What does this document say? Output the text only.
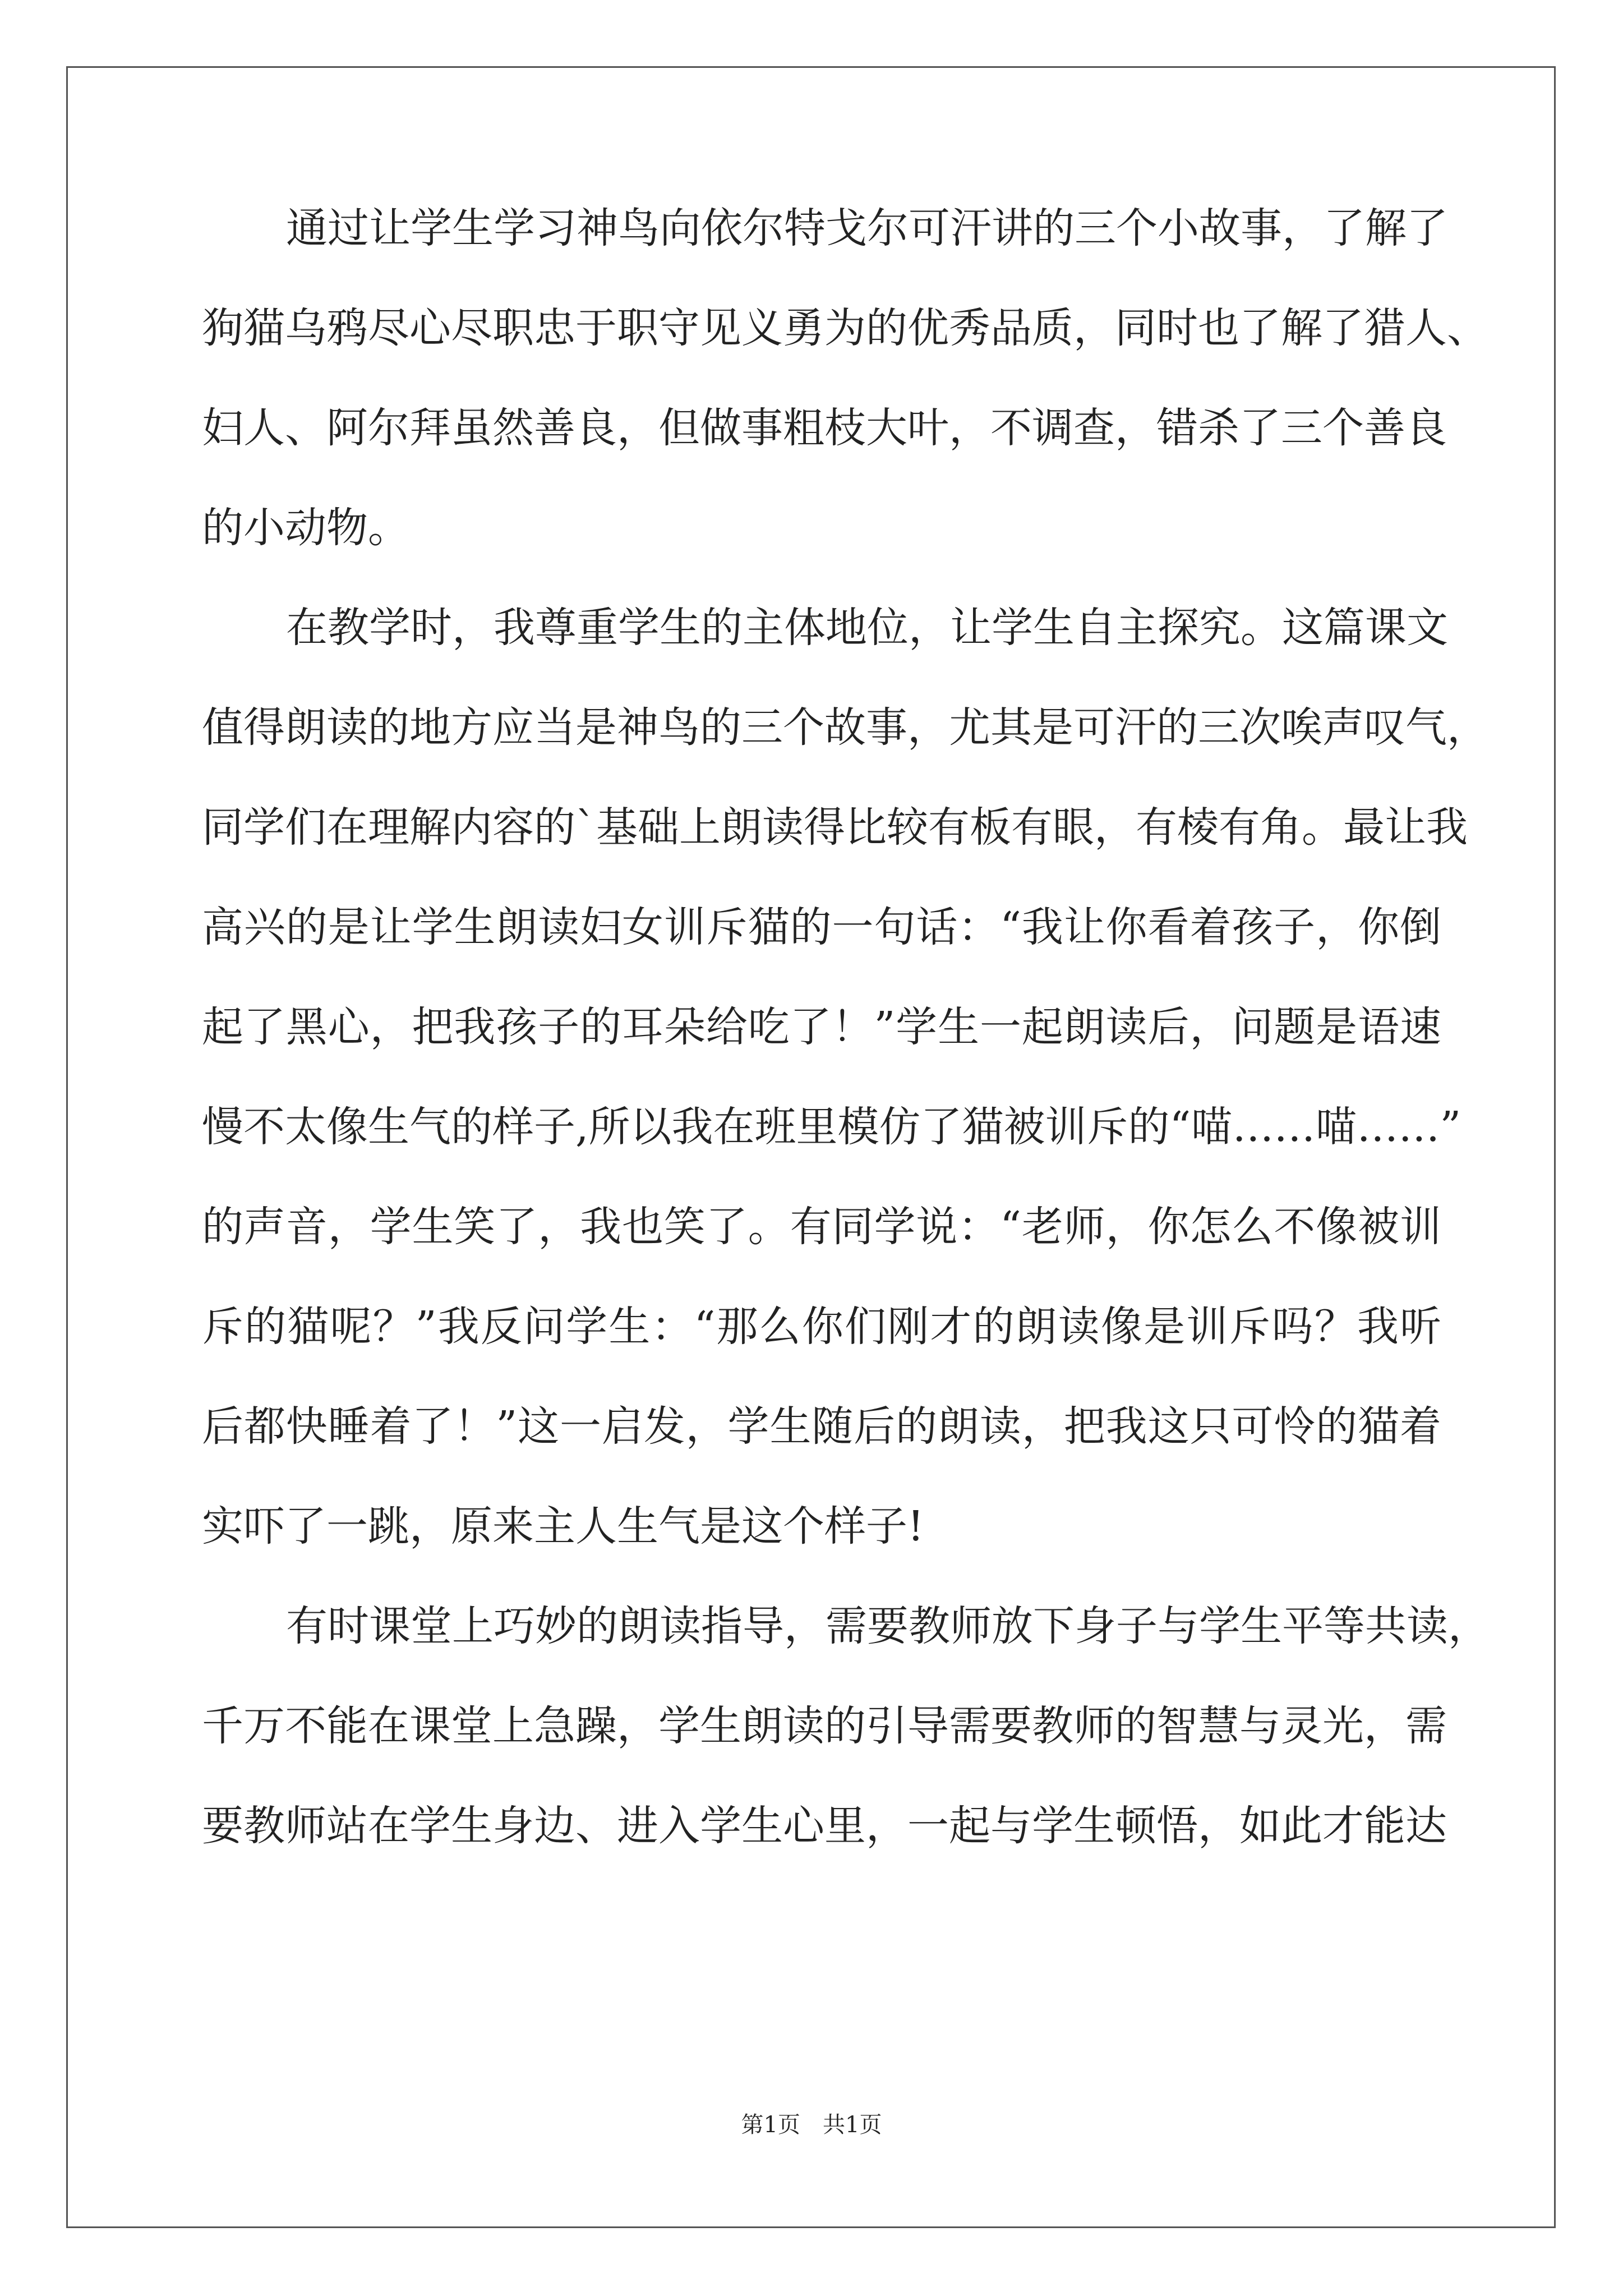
通过让学生学习神鸟向依尔特戈尔可汗讲的三个小故事，了解了
狗猫乌鸦尽心尽职忠于职守见义勇为的优秀品质，同时也了解了猎人、
妇人、阿尔拜虽然善良，但做事粗枝大叶，不调查，错杀了三个善良
的小动物。
在教学时，我尊重学生的主体地位，让学生自主探究。这篇课文
值得朗读的地方应当是神鸟的三个故事，尤其是可汗的三次唉声叹气，
同学们在理解内容的`基础上朗读得比较有板有眼，有棱有角。最让我
高兴的是让学生朗读妇女训斥猫的一句话：“我让你看着孩子，你倒
起了黑心，把我孩子的耳朵给吃了！”学生一起朗读后，问题是语速
慢不太像生气的样子,所以我在班里模仿了猫被训斥的“喵……喵……”
的声音，学生笑了，我也笑了。有同学说：“老师，你怎么不像被训
斥的猫呢？”我反问学生：“那么你们刚才的朗读像是训斥吗？我听
后都快睡着了！”这一启发，学生随后的朗读，把我这只可怜的猫着
实吓了一跳，原来主人生气是这个样子!
有时课堂上巧妙的朗读指导，需要教师放下身子与学生平等共读，
千万不能在课堂上急躁，学生朗读的引导需要教师的智慧与灵光，需
要教师站在学生身边、进入学生心里，一起与学生顿悟，如此才能达
第1页　共1页
